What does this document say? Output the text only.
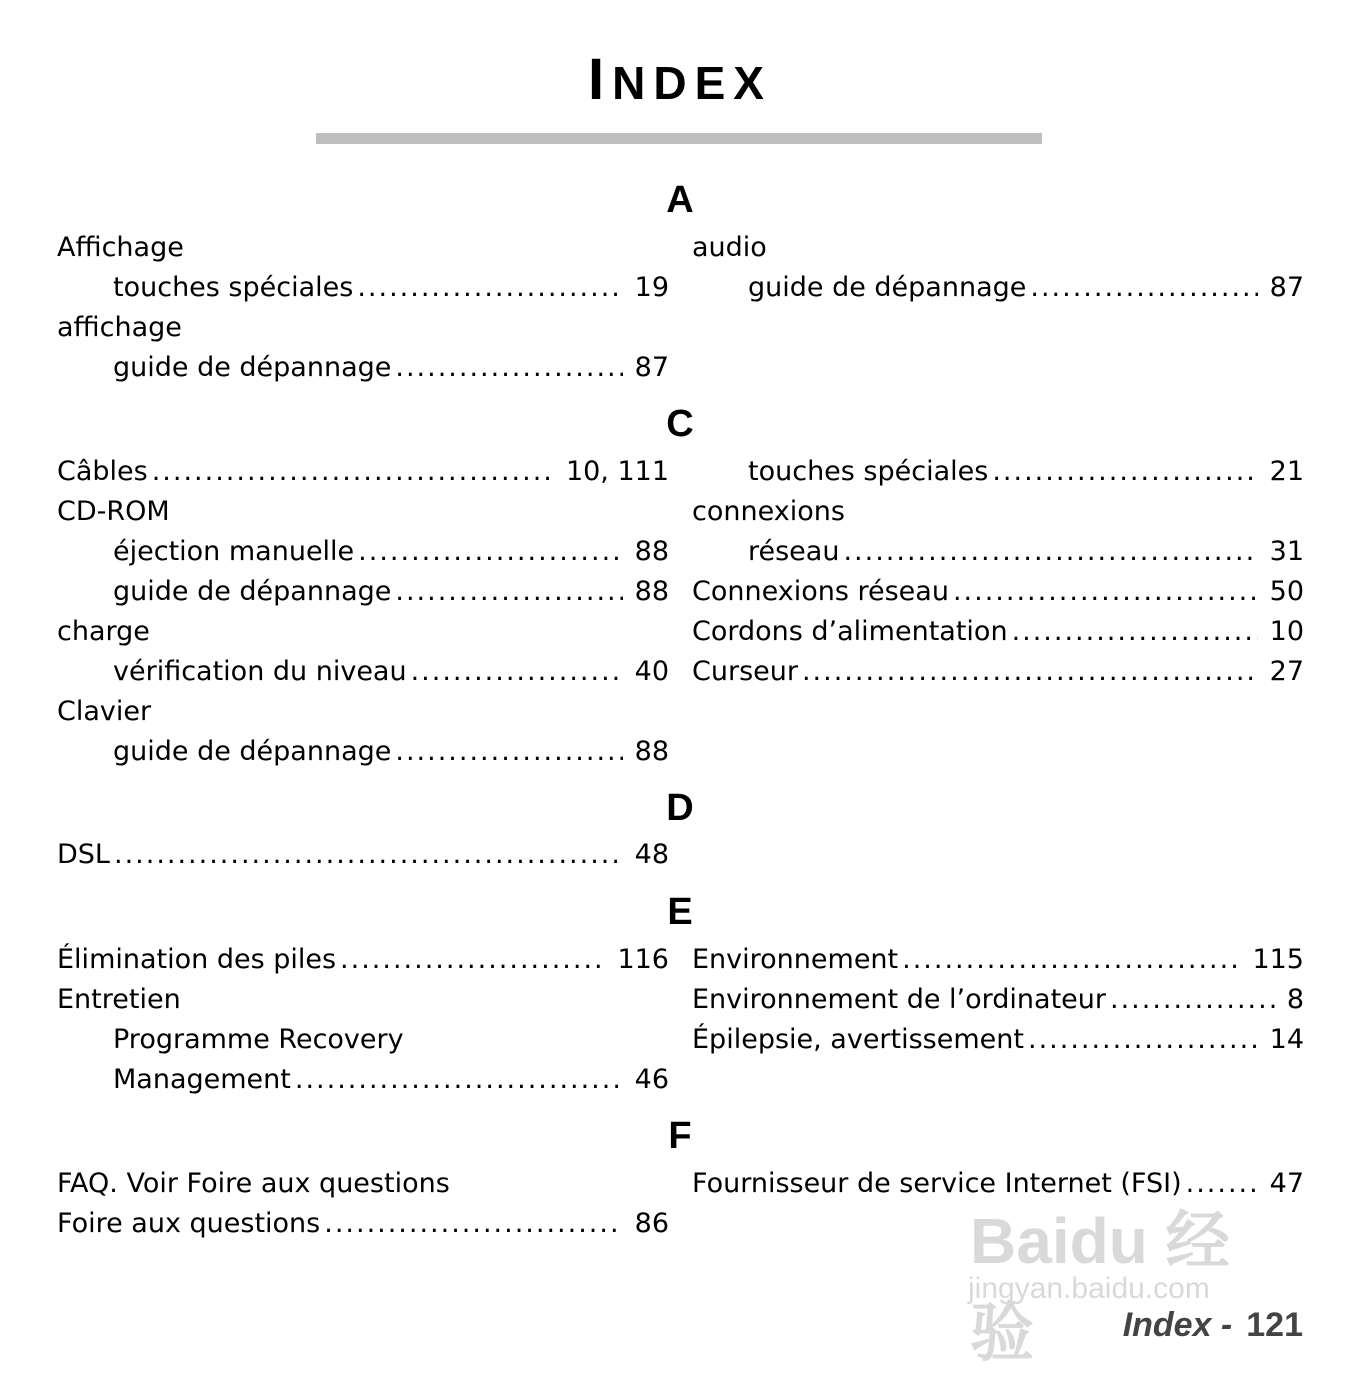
INDEX
A
Affichage
touches spéciales .....	19
affichage
guide de dépannage .....	87
audio
guide de dépannage .....	87
C
Câbles .....	10, 111
CD-ROM
éjection manuelle .....	88
guide de dépannage .....	88
charge
vérification du niveau .....	40
Clavier
guide de dépannage .....	88
touches spéciales .....	21
connexions
réseau .....	31
Connexions réseau .....	50
Cordons d’alimentation .....	10
Curseur .....	27
D
DSL .....	48
E
Élimination des piles .....	116
Entretien
Programme Recovery
Management .....	46
Environnement .....	115
Environnement de l’ordinateur .....	8
Épilepsie, avertissement .....	14
F
FAQ. Voir Foire aux questions
Foire aux questions .....	86
Fournisseur de service Internet (FSI) .....	47
Baidu 经验
jingyan.baidu.com
Index - 121
